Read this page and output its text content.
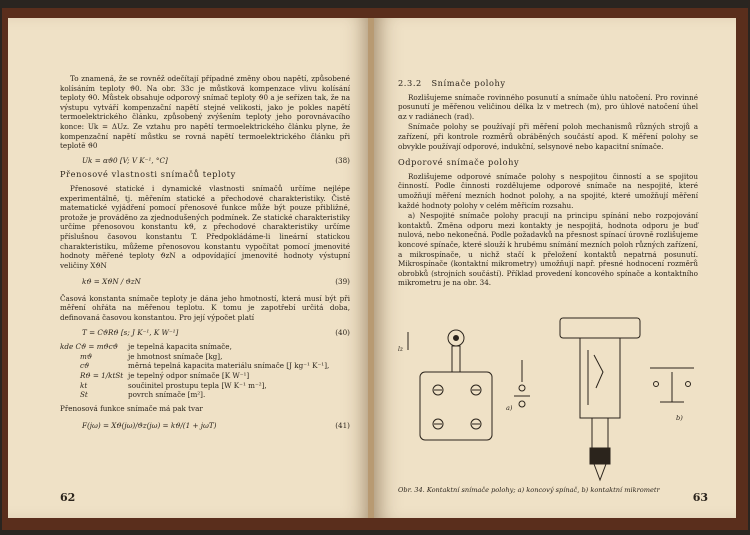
To znamená, že se rovněž odečítají případné změny obou napětí, způsobené kolísáním teploty ϑ0. Na obr. 33c je můstková kompenzace vlivu kolísání teploty ϑ0. Můstek obsahuje odporový snímač teploty ϑ0 a je seřízen tak, že na výstupu vytváří kompenzační napětí stejné velikosti, jako je pokles napětí termoelektrického článku, způsobený zvýšením teploty jeho porovnávacího konce: Uk = ΔUz. Ze vztahu pro napětí termoelektrického článku plyne, že kompenzační napětí můstku se rovná napětí termoelektrického článku při teplotě ϑ0

Uk = αϑ0 [V; V K⁻¹, °C]	(38)

Přenosové vlastnosti snímačů teploty

Přenosové statické i dynamické vlastnosti snímačů určíme nejlépe experimentálně, tj. měřením statické a přechodové charakteristiky. Čistě matematické vyjádření pomocí přenosové funkce může být pouze přibližné, protože je prováděno za zjednodušených podmínek. Ze statické charakteristiky určíme přenosovou konstantu kϑ, z přechodové charakteristiky určíme příslušnou časovou konstantu T. Předpokládáme-li lineární statickou charakteristiku, můžeme přenosovou konstantu vypočítat pomocí jmenovité hodnoty měřené teploty ϑzN a odpovídající jmenovité hodnoty výstupní veličiny XϑN

kϑ = XϑN / ϑzN	(39)

Časová konstanta snímače teploty je dána jeho hmotností, která musí být při měření ohřáta na měřenou teplotu. K tomu je zapotřebí určitá doba, definovaná časovou konstantou. Pro její výpočet platí

T = CϑRϑ [s; J K⁻¹, K W⁻¹]	(40)
kde Cϑ = mϑcϑ	je tepelná kapacita snímače,
mϑ	je hmotnost snímače [kg],
cϑ	měrná tepelná kapacita materiálu snímače [J kg⁻¹ K⁻¹],
Rϑ = 1/ktSt je tepelný odpor snímače [K W⁻¹]
kt	součinitel prostupu tepla [W K⁻¹ m⁻²],
St	povrch snímače [m²].

Přenosová funkce snímače má pak tvar

F(jω) = Xϑ(jω)/ϑz(jω) = kϑ/(1 + jωT)	(41)
62

2.3.2 Snímače polohy

Rozlišujeme snímače rovinného posunutí a snímače úhlu natočení. Pro rovinné posunutí je měřenou veličinou délka lz v metrech (m), pro úhlové natočení úhel αz v radiánech (rad).

Snímače polohy se používají při měření poloh mechanismů různých strojů a zařízení, při kontrole rozměrů obráběných součástí apod. K měření polohy se obvykle používají odporové, indukční, selsynové nebo kapacitní snímače.

Odporové snímače polohy

Rozlišujeme odporové snímače polohy s nespojitou činností a se spojitou činností. Podle činnosti rozdělujeme odporové snímače na nespojité, které umožňují měření mezních hodnot polohy, a na spojité, které umožňují měření každé hodnoty polohy v celém měřicím rozsahu.

a) Nespojité snímače polohy pracují na principu spínání nebo rozpojování kontaktů. Změna odporu mezi kontakty je nespojitá, hodnota odporu je buď nulová, nebo nekonečná. Podle požadavků na přesnost spínací úrovně rozlišujeme koncové spínače, které slouží k hrubému snímání mezních poloh různých zařízení, a mikrospínače, u nichž stačí k přeložení kontaktů nepatrná posunutí. Mikrospínače (kontaktní mikrometry) umožňují např. přesné hodnocení rozměrů obrobků (strojních součástí). Příklad provedení koncového spínače a kontaktního mikrometru je na obr. 34.

lz
a)
b)
Obr. 34. Kontaktní snímače polohy; a) koncový spínač, b) kontaktní mikrometr
63
